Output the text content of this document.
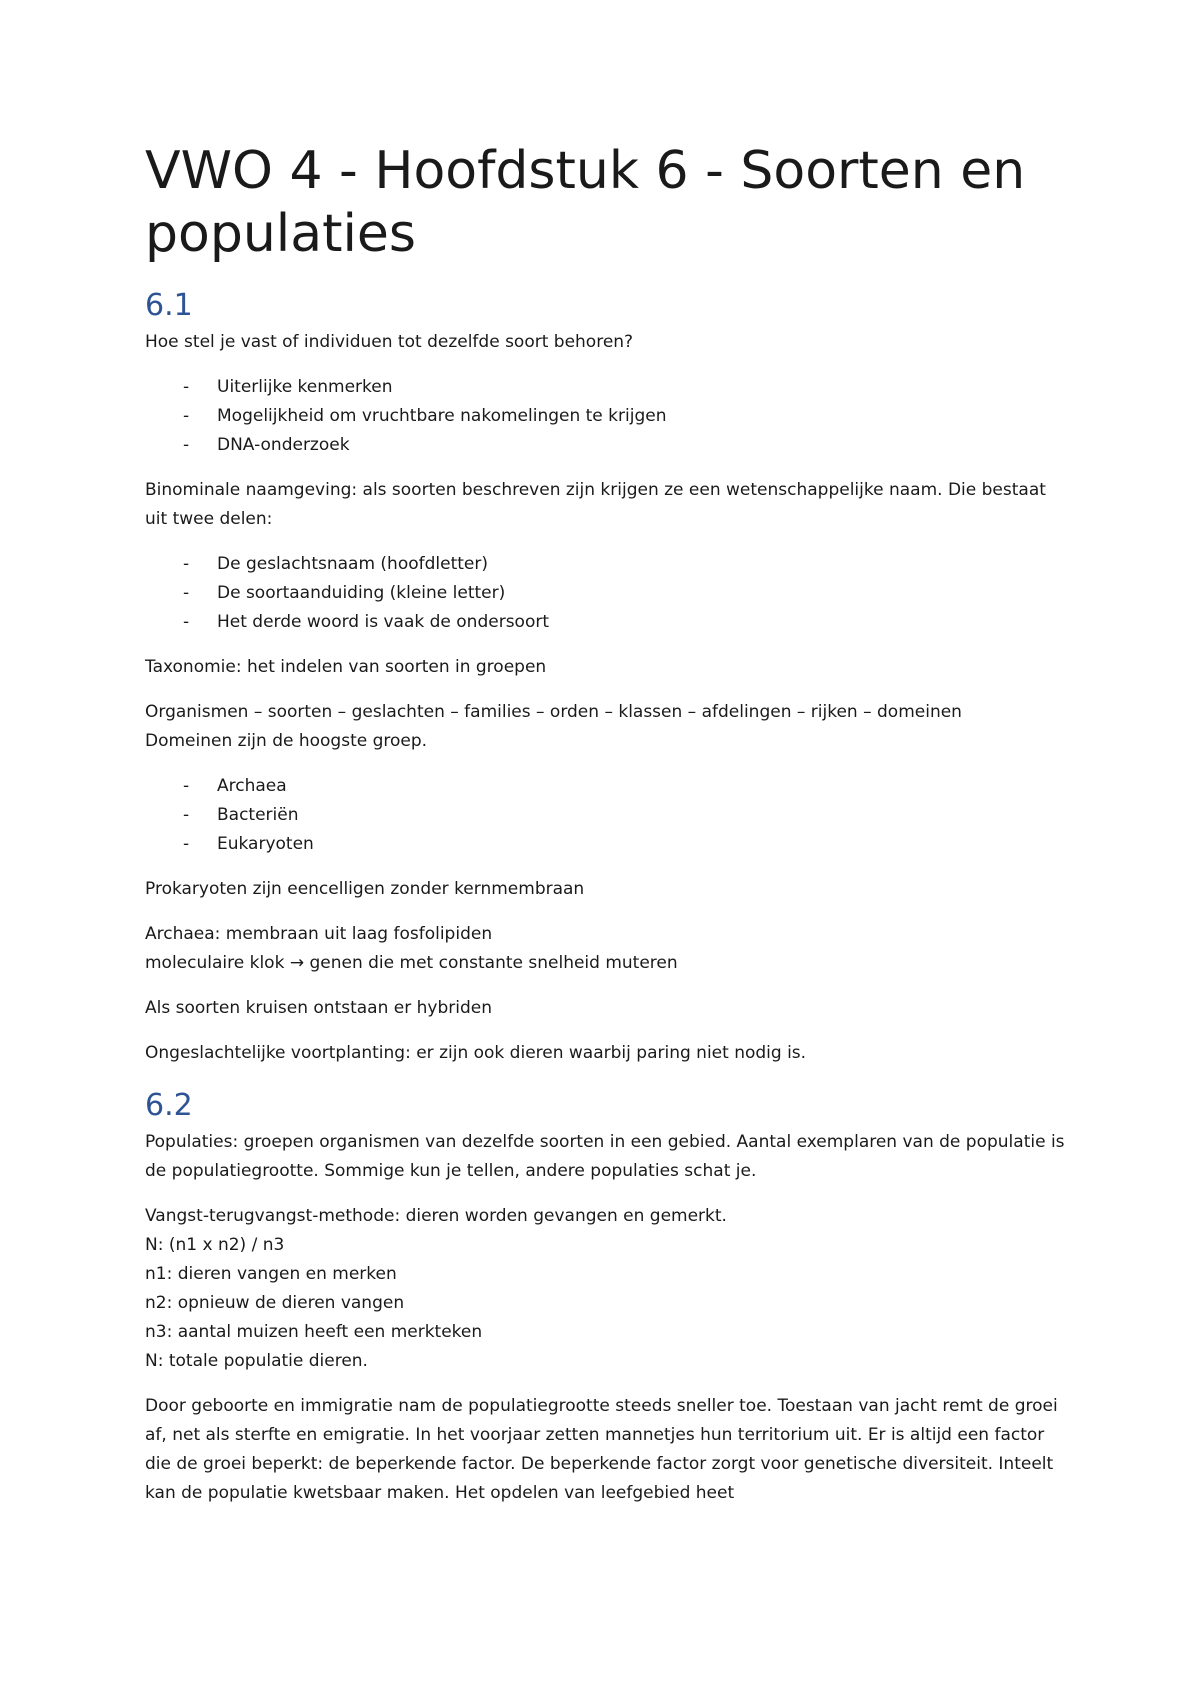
VWO 4 - Hoofdstuk 6 - Soorten en populaties
6.1

Hoe stel je vast of individuen tot dezelfde soort behoren?

- Uiterlijke kenmerken
- Mogelijkheid om vruchtbare nakomelingen te krijgen
- DNA-onderzoek

Binominale naamgeving: als soorten beschreven zijn krijgen ze een wetenschappelijke naam. Die bestaat uit twee delen:

- De geslachtsnaam (hoofdletter)
- De soortaanduiding (kleine letter)
- Het derde woord is vaak de ondersoort

Taxonomie: het indelen van soorten in groepen

Organismen – soorten – geslachten – families – orden – klassen – afdelingen – rijken – domeinen
Domeinen zijn de hoogste groep.
- Archaea
- Bacteriën
- Eukaryoten

Prokaryoten zijn eencelligen zonder kernmembraan

Archaea: membraan uit laag fosfolipiden
moleculaire klok → genen die met constante snelheid muteren

Als soorten kruisen ontstaan er hybriden

Ongeslachtelijke voortplanting: er zijn ook dieren waarbij paring niet nodig is.

6.2

Populaties: groepen organismen van dezelfde soorten in een gebied. Aantal exemplaren van de populatie is de populatiegrootte. Sommige kun je tellen, andere populaties schat je.

Vangst-terugvangst-methode: dieren worden gevangen en gemerkt.
N: (n1 x n2) / n3
n1: dieren vangen en merken
n2: opnieuw de dieren vangen
n3: aantal muizen heeft een merkteken
N: totale populatie dieren.

Door geboorte en immigratie nam de populatiegrootte steeds sneller toe. Toestaan van jacht remt de groei af, net als sterfte en emigratie. In het voorjaar zetten mannetjes hun territorium uit. Er is altijd een factor die de groei beperkt: de beperkende factor. De beperkende factor zorgt voor genetische diversiteit. Inteelt kan de populatie kwetsbaar maken. Het opdelen van leefgebied heet
